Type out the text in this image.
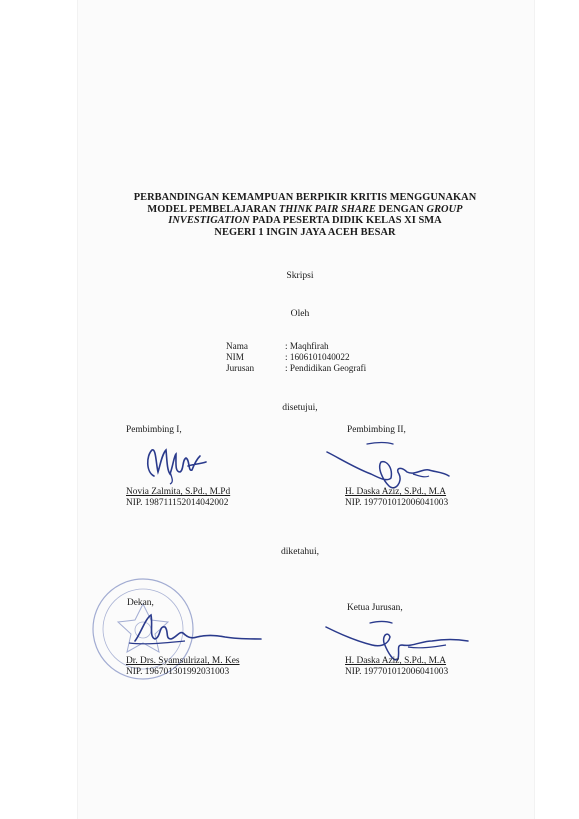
PERBANDINGAN KEMAMPUAN BERPIKIR KRITIS MENGGUNAKAN
MODEL PEMBELAJARAN THINK PAIR SHARE DENGAN GROUP
INVESTIGATION PADA PESERTA DIDIK KELAS XI SMA
NEGERI 1 INGIN JAYA ACEH BESAR
Skripsi
Oleh
Nama	: Maqhfirah
NIM	: 1606101040022
Jurusan	: Pendidikan Geografi
disetujui,
Pembimbing I,
Novia Zalmita, S.Pd., M.Pd
NIP. 198711152014042002
Pembimbing II,
H. Daska Aziz, S.Pd., M.A
NIP. 197701012006041003
diketahui,
Dekan,
Dr. Drs. Syamsulrizal, M. Kes
NIP. 196701301992031003
Ketua Jurusan,
H. Daska Aziz, S.Pd., M.A
NIP. 197701012006041003
